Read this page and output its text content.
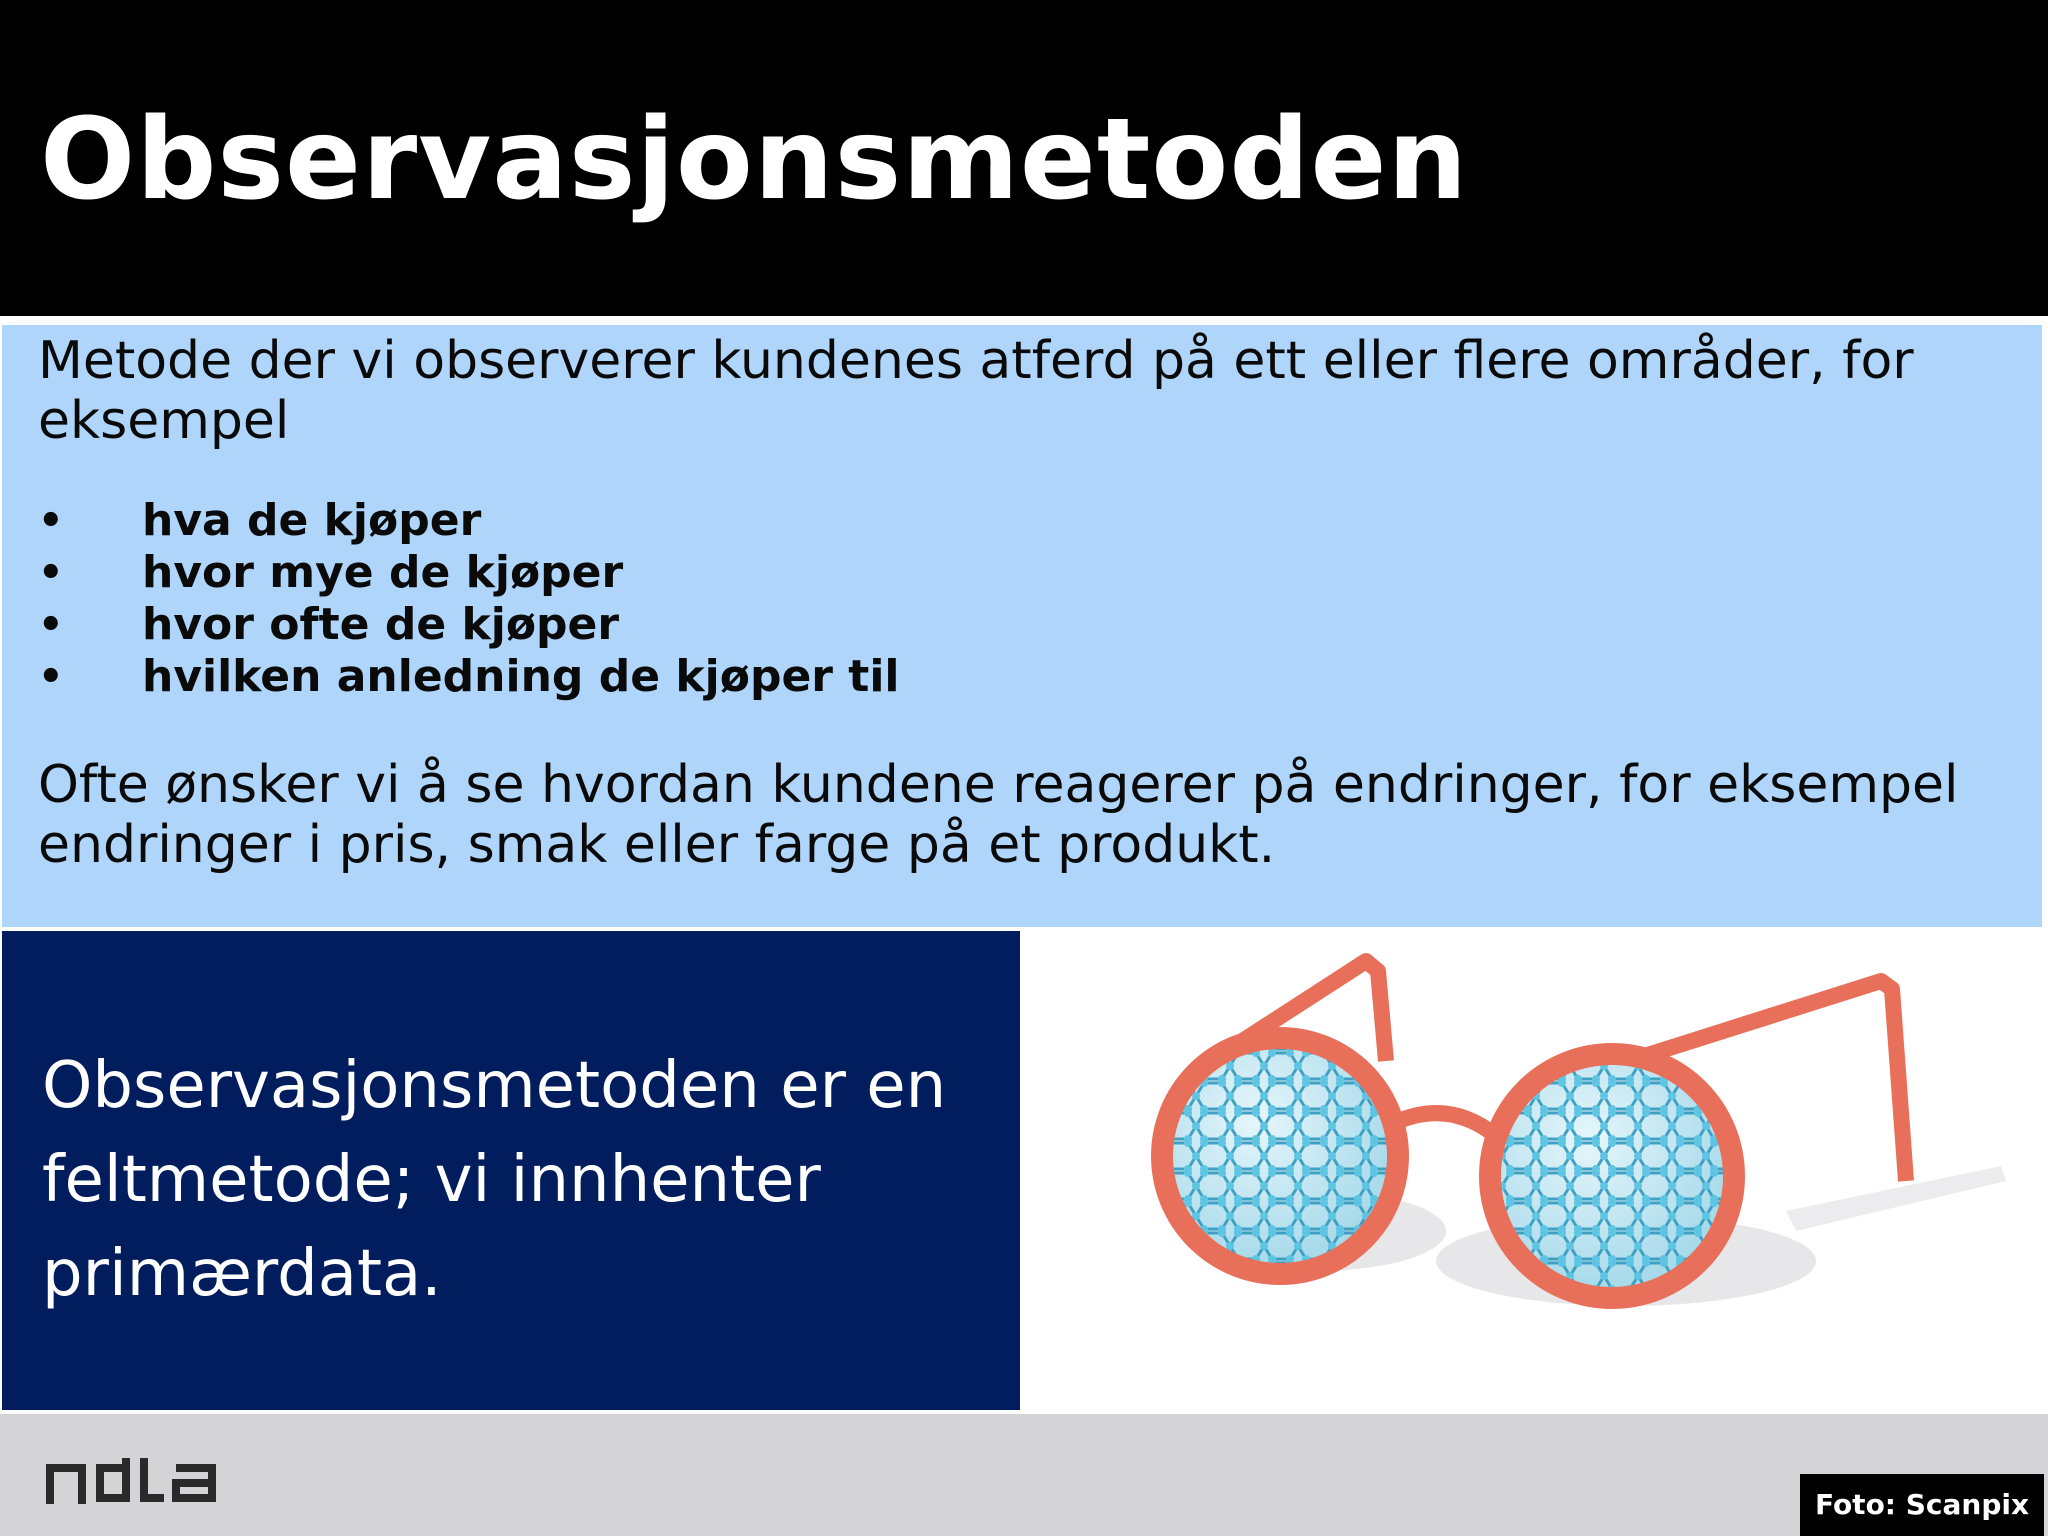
Observasjonsmetoden

Metode der vi observerer kundenes atferd på ett eller flere områder, for eksempel

• hva de kjøper
• hvor mye de kjøper
• hvor ofte de kjøper
• hvilken anledning de kjøper til

Ofte ønsker vi å se hvordan kundene reagerer på endringer, for eksempel endringer i pris, smak eller farge på et produkt.

Observasjonsmetoden er en feltmetode; vi innhenter primærdata.

Foto: Scanpix
